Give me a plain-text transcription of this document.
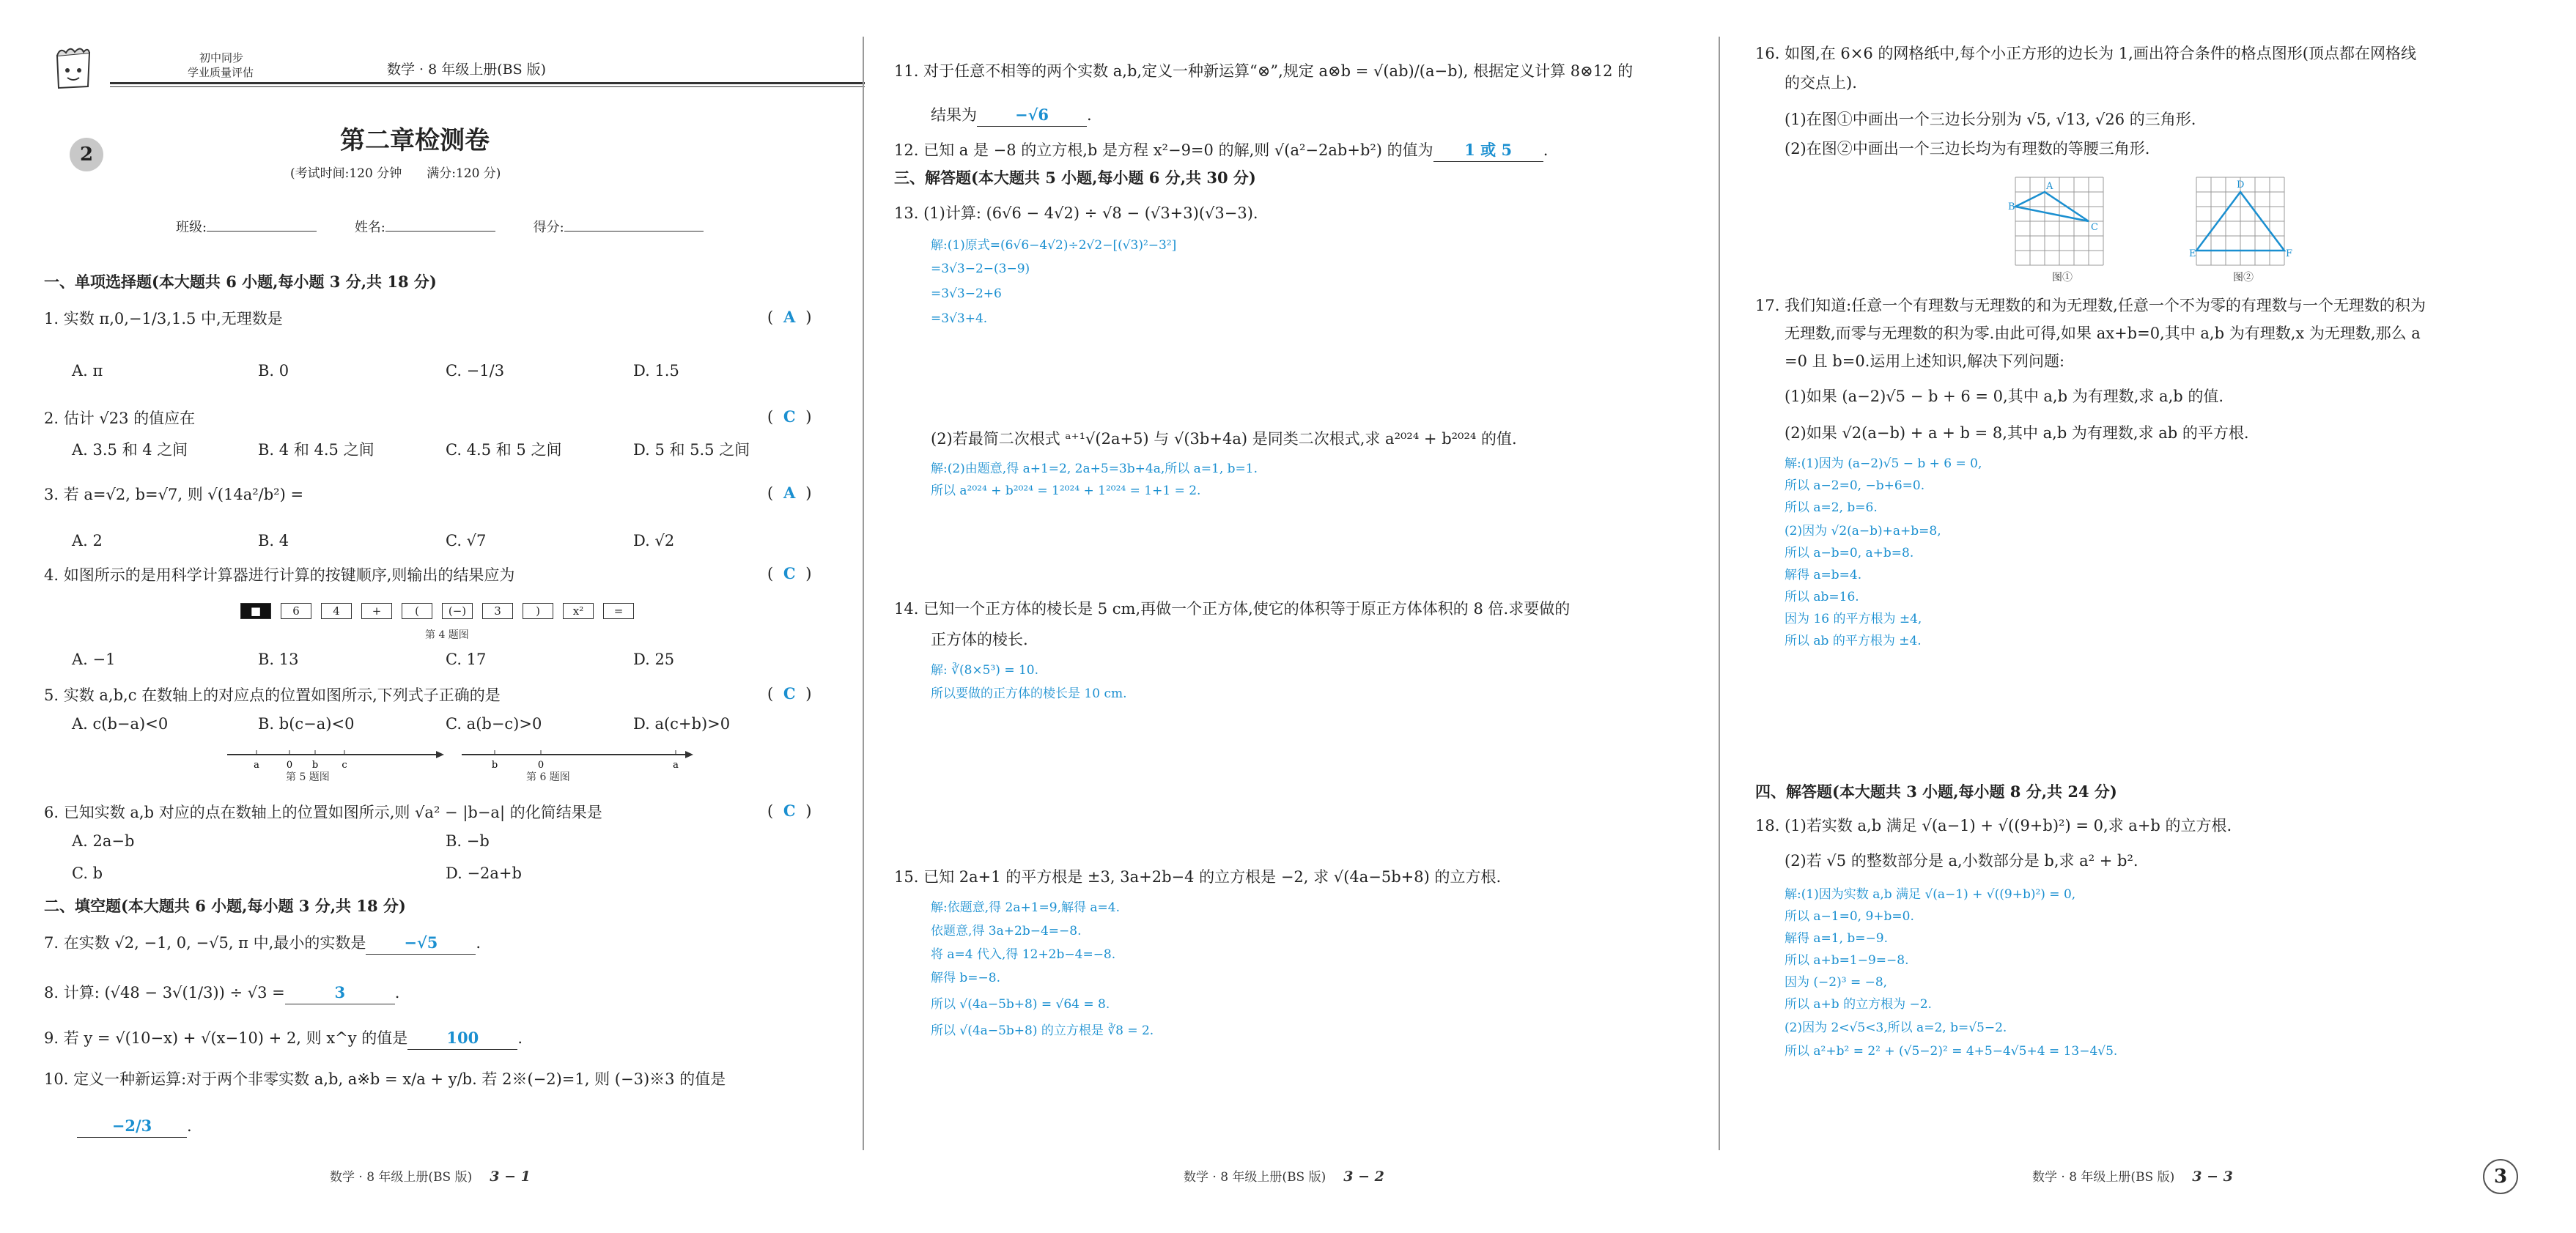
初中同步
学业质量评估	数学 · 8 年级上册(BS 版)
2	第二章检测卷
(考试时间:120 分钟　　满分:120 分)
班级:	姓名:	得分:
一、单项选择题(本大题共 6 小题,每小题 3 分,共 18 分)
1. 实数 π,0,−1/3,1.5 中,无理数是	( A )
A. π	B. 0	C. −1/3	D. 1.5
2. 估计 √23 的值应在	( C )
A. 3.5 和 4 之间	B. 4 和 4.5 之间	C. 4.5 和 5 之间	D. 5 和 5.5 之间
3. 若 a=√2, b=√7, 则 √(14a²/b²) =	( A )
A. 2	B. 4	C. √7	D. √2
4. 如图所示的是用科学计算器进行计算的按键顺序,则输出的结果应为	( C )
■	6	4	+	(	(−)	3	)	x²	=
第 4 题图
A. −1	B. 13	C. 17	D. 25
5. 实数 a,b,c 在数轴上的对应点的位置如图所示,下列式子正确的是	( C )
A. c(b−a)<0	B. b(c−a)<0	C. a(b−c)>0	D. a(c+b)>0
a	0 b c
第 5 题图
b	0	a
第 6 题图
6. 已知实数 a,b 对应的点在数轴上的位置如图所示,则 √a² − |b−a| 的化简结果是	( C )
A. 2a−b	B. −b
C. b	D. −2a+b
二、填空题(本大题共 6 小题,每小题 3 分,共 18 分)
7. 在实数 √2, −1, 0, −√5, π 中,最小的实数是 −√5 .
8. 计算: (√48 − 3√(1/3)) ÷ √3 =	3	.
9. 若 y = √(10−x) + √(x−10) + 2, 则 x^y 的值是	100	.
10. 定义一种新运算:对于两个非零实数 a,b, a※b = x/a + y/b. 若 2※(−2)=1, 则 (−3)※3 的值是
−2/3 .
数学 · 8 年级上册(BS 版) 3 − 1
11. 对于任意不相等的两个实数 a,b,定义一种新运算“⊗”,规定 a⊗b = √(ab)/(a−b), 根据定义计算 8⊗12 的
结果为 −√6 .
12. 已知 a 是 −8 的立方根,b 是方程 x²−9=0 的解,则 √(a²−2ab+b²) 的值为 1 或 5 .
三、解答题(本大题共 5 小题,每小题 6 分,共 30 分)
13. (1)计算: (6√6 − 4√2) ÷ √8 − (√3+3)(√3−3).
解:(1)原式=(6√6−4√2)÷2√2−[(√3)²−3²]
=3√3−2−(3−9)
=3√3−2+6
=3√3+4.
(2)若最简二次根式 ᵃ⁺¹√(2a+5) 与 √(3b+4a) 是同类二次根式,求 a²⁰²⁴ + b²⁰²⁴ 的值.
解:(2)由题意,得 a+1=2, 2a+5=3b+4a,所以 a=1, b=1.
所以 a²⁰²⁴ + b²⁰²⁴ = 1²⁰²⁴ + 1²⁰²⁴ = 1+1 = 2.
14. 已知一个正方体的棱长是 5 cm,再做一个正方体,使它的体积等于原正方体体积的 8 倍.求要做的
正方体的棱长.
解: ∛(8×5³) = 10.
所以要做的正方体的棱长是 10 cm.
15. 已知 2a+1 的平方根是 ±3, 3a+2b−4 的立方根是 −2, 求 √(4a−5b+8) 的立方根.
解:依题意,得 2a+1=9,解得 a=4.
依题意,得 3a+2b−4=−8.
将 a=4 代入,得 12+2b−4=−8.
解得 b=−8.
所以 √(4a−5b+8) = √64 = 8.
所以 √(4a−5b+8) 的立方根是 ∛8 = 2.
数学 · 8 年级上册(BS 版) 3 − 2
16. 如图,在 6×6 的网格纸中,每个小正方形的边长为 1,画出符合条件的格点图形(顶点都在网格线
的交点上).
(1)在图①中画出一个三边长分别为 √5, √13, √26 的三角形.
(2)在图②中画出一个三边长均为有理数的等腰三角形.
A
B
C
图①
D
E	F
图②
17. 我们知道:任意一个有理数与无理数的和为无理数,任意一个不为零的有理数与一个无理数的积为
无理数,而零与无理数的积为零.由此可得,如果 ax+b=0,其中 a,b 为有理数,x 为无理数,那么 a
=0 且 b=0.运用上述知识,解决下列问题:
(1)如果 (a−2)√5 − b + 6 = 0,其中 a,b 为有理数,求 a,b 的值.
(2)如果 √2(a−b) + a + b = 8,其中 a,b 为有理数,求 ab 的平方根.
解:(1)因为 (a−2)√5 − b + 6 = 0,
所以 a−2=0, −b+6=0.
所以 a=2, b=6.
(2)因为 √2(a−b)+a+b=8,
所以 a−b=0, a+b=8.
解得 a=b=4.
所以 ab=16.
因为 16 的平方根为 ±4,
所以 ab 的平方根为 ±4.
四、解答题(本大题共 3 小题,每小题 8 分,共 24 分)
18. (1)若实数 a,b 满足 √(a−1) + √((9+b)²) = 0,求 a+b 的立方根.
(2)若 √5 的整数部分是 a,小数部分是 b,求 a² + b².
解:(1)因为实数 a,b 满足 √(a−1) + √((9+b)²) = 0,
所以 a−1=0, 9+b=0.
解得 a=1, b=−9.
所以 a+b=1−9=−8.
因为 (−2)³ = −8,
所以 a+b 的立方根为 −2.
(2)因为 2<√5<3,所以 a=2, b=√5−2.
所以 a²+b² = 2² + (√5−2)² = 4+5−4√5+4 = 13−4√5.
数学 · 8 年级上册(BS 版) 3 − 3	3
